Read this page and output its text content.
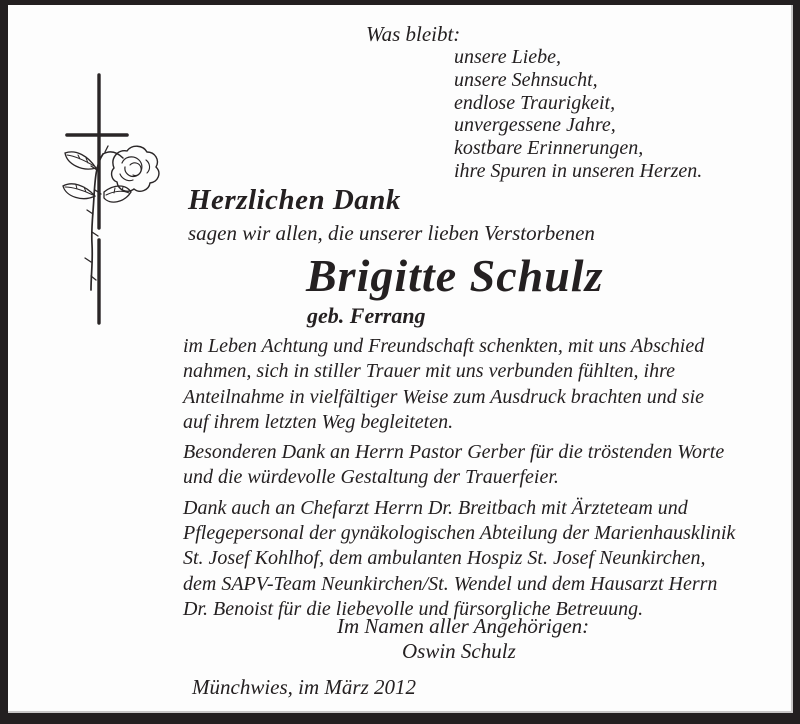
Was bleibt:
unsere Liebe,
unsere Sehnsucht,
endlose Traurigkeit,
unvergessene Jahre,
kostbare Erinnerungen,
ihre Spuren in unseren Herzen.
Herzlichen Dank
sagen wir allen, die unserer lieben Verstorbenen
Brigitte Schulz
geb. Ferrang
im Leben Achtung und Freundschaft schenkten, mit uns Abschied
nahmen, sich in stiller Trauer mit uns verbunden fühlten, ihre
Anteilnahme in vielfältiger Weise zum Ausdruck brachten und sie
auf ihrem letzten Weg begleiteten.
Besonderen Dank an Herrn Pastor Gerber für die tröstenden Worte
und die würdevolle Gestaltung der Trauerfeier.
Dank auch an Chefarzt Herrn Dr. Breitbach mit Ärzteteam und
Pflegepersonal der gynäkologischen Abteilung der Marienhausklinik
St. Josef Kohlhof, dem ambulanten Hospiz St. Josef Neunkirchen,
dem SAPV-Team Neunkirchen/St. Wendel und dem Hausarzt Herrn
Dr. Benoist für die liebevolle und fürsorgliche Betreuung.
Im Namen aller Angehörigen:
Oswin Schulz
Münchwies, im März 2012
